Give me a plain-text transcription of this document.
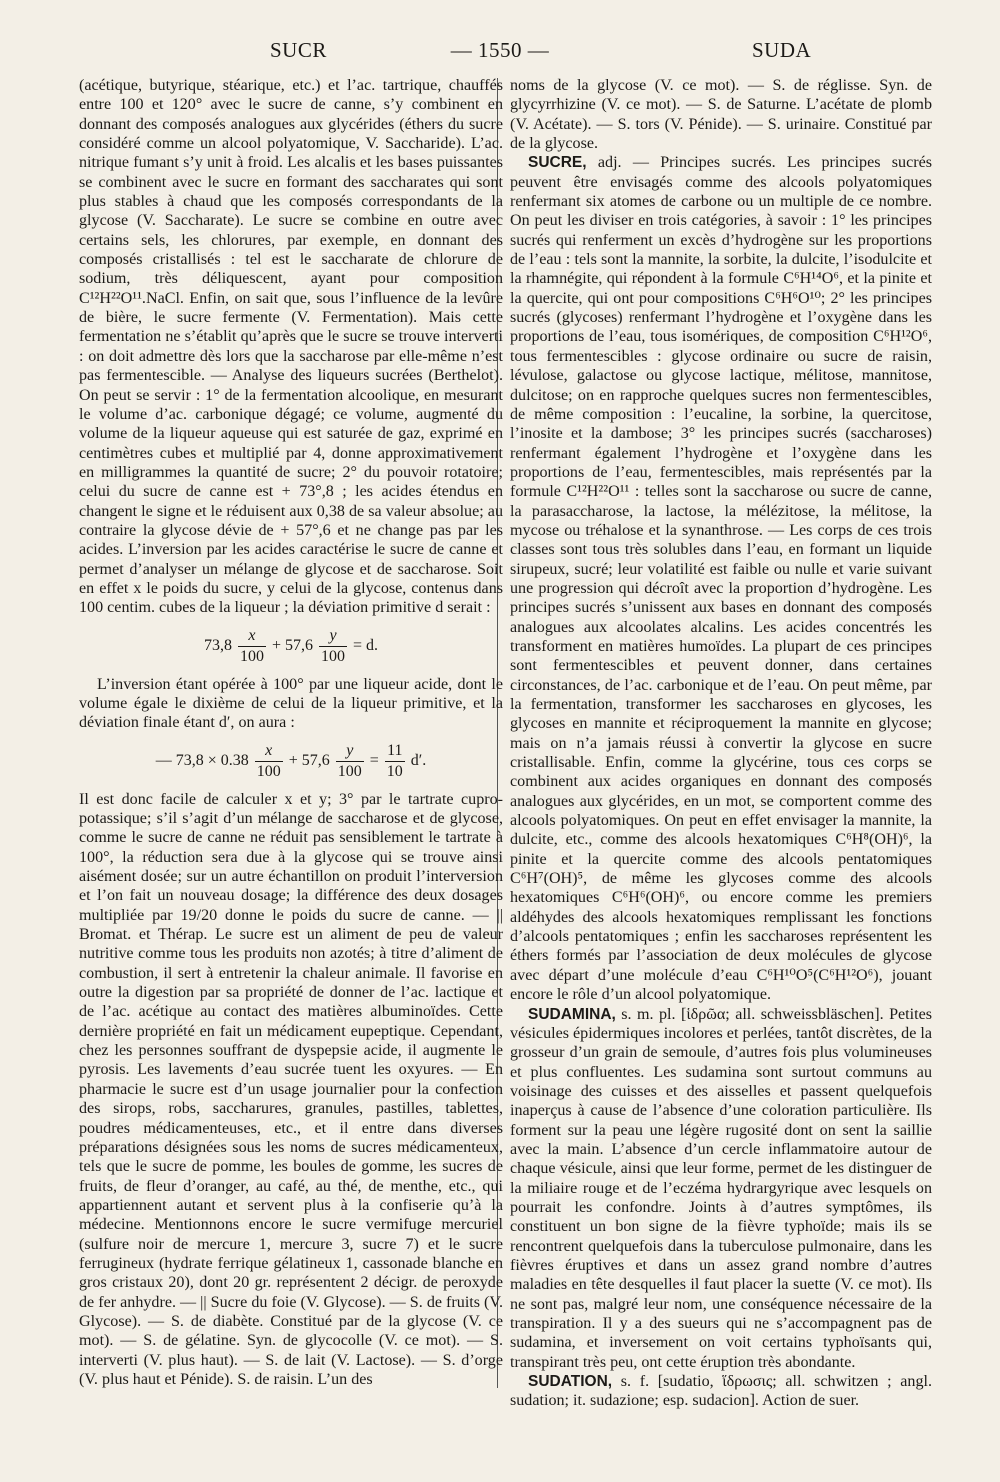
SUCR	— 1550 —	SUDA

(acétique, butyrique, stéarique, etc.) et l’ac. tartrique, chauffés entre 100 et 120° avec le sucre de canne, s’y combinent en donnant des composés analogues aux glycérides (éthers du sucre considéré comme un alcool polyatomique, V. Saccharide). L’ac. nitrique fumant s’y unit à froid. Les alcalis et les bases puissantes se combinent avec le sucre en formant des saccharates qui sont plus stables à chaud que les composés correspondants de la glycose (V. Saccharate). Le sucre se combine en outre avec certains sels, les chlorures, par exemple, en donnant des composés cristallisés : tel est le saccharate de chlorure de sodium, très déliquescent, ayant pour composition C¹²H²²O¹¹.NaCl. Enfin, on sait que, sous l’influence de la levûre de bière, le sucre fermente (V. Fermentation). Mais cette fermentation ne s’établit qu’après que le sucre se trouve interverti : on doit admettre dès lors que la saccharose par elle-même n’est pas fermentescible. — Analyse des liqueurs sucrées (Berthelot). On peut se servir : 1° de la fermentation alcoolique, en mesurant le volume d’ac. carbonique dégagé; ce volume, augmenté du volume de la liqueur aqueuse qui est saturée de gaz, exprimé en centimètres cubes et multiplié par 4, donne approximativement en milligrammes la quantité de sucre; 2° du pouvoir rotatoire; celui du sucre de canne est + 73°,8 ; les acides étendus en changent le signe et le réduisent aux 0,38 de sa valeur absolue; au contraire la glycose dévie de + 57°,6 et ne change pas par les acides. L’inversion par les acides caractérise le sucre de canne et permet d’analyser un mélange de glycose et de saccharose. Soit en effet x le poids du sucre, y celui de la glycose, contenus dans 100 centim. cubes de la liqueur ; la déviation primitive d serait :

$73,8 \frac{x}{100} + 57,6 \frac{y}{100} = d$.

L’inversion étant opérée à 100° par une liqueur acide, dont le volume égale le dixième de celui de la liqueur primitive, et la déviation finale étant d′, on aura :

— $73,8 \times 0.38 \frac{x}{100} + 57,6 \frac{y}{100} = \frac{11}{10} d'$.

Il est donc facile de calculer x et y; 3° par le tartrate cupro-potassique; s’il s’agit d’un mélange de saccharose et de glycose, comme le sucre de canne ne réduit pas sensiblement le tartrate à 100°, la réduction sera due à la glycose qui se trouve ainsi aisément dosée; sur un autre échantillon on produit l’interversion et l’on fait un nouveau dosage; la différence des deux dosages multipliée par 19/20 donne le poids du sucre de canne. — || Bromat. et Thérap. Le sucre est un aliment de peu de valeur nutritive comme tous les produits non azotés; à titre d’aliment de combustion, il sert à entretenir la chaleur animale. Il favorise en outre la digestion par sa propriété de donner de l’ac. lactique et de l’ac. acétique au contact des matières albuminoïdes. Cette dernière propriété en fait un médicament eupeptique. Cependant, chez les personnes souffrant de dyspepsie acide, il augmente le pyrosis. Les lavements d’eau sucrée tuent les oxyures. — En pharmacie le sucre est d’un usage journalier pour la confection des sirops, robs, saccharures, granules, pastilles, tablettes, poudres médicamenteuses, etc., et il entre dans diverses préparations désignées sous les noms de sucres médicamenteux, tels que le sucre de pomme, les boules de gomme, les sucres de fruits, de fleur d’oranger, au café, au thé, de menthe, etc., qui appartiennent autant et servent plus à la confiserie qu’à la médecine. Mentionnons encore le sucre vermifuge mercuriel (sulfure noir de mercure 1, mercure 3, sucre 7) et le sucre ferrugineux (hydrate ferrique gélatineux 1, cassonade blanche en gros cristaux 20), dont 20 gr. représentent 2 décigr. de peroxyde de fer anhydre. — || Sucre du foie (V. Glycose). — S. de fruits (V. Glycose). — S. de diabète. Constitué par de la glycose (V. ce mot). — S. de gélatine. Syn. de glycocolle (V. ce mot). — S. interverti (V. plus haut). — S. de lait (V. Lactose). — S. d’orge (V. plus haut et Pénide). S. de raisin. L’un des

noms de la glycose (V. ce mot). — S. de réglisse. Syn. de glycyrrhizine (V. ce mot). — S. de Saturne. L’acétate de plomb (V. Acétate). — S. tors (V. Pénide). — S. urinaire. Constitué par de la glycose.

SUCRE, adj. — Principes sucrés. Les principes sucrés peuvent être envisagés comme des alcools polyatomiques renfermant six atomes de carbone ou un multiple de ce nombre. On peut les diviser en trois catégories, à savoir : 1° les principes sucrés qui renferment un excès d’hydrogène sur les proportions de l’eau : tels sont la mannite, la sorbite, la dulcite, l’isodulcite et la rhamnégite, qui répondent à la formule C⁶H¹⁴O⁶, et la pinite et la quercite, qui ont pour compositions C⁶H⁶O¹⁰; 2° les principes sucrés (glycoses) renfermant l’hydrogène et l’oxygène dans les proportions de l’eau, tous isomériques, de composition C⁶H¹²O⁶, tous fermentescibles : glycose ordinaire ou sucre de raisin, lévulose, galactose ou glycose lactique, mélitose, mannitose, dulcitose; on en rapproche quelques sucres non fermentescibles, de même composition : l’eucaline, la sorbine, la quercitose, l’inosite et la dambose; 3° les principes sucrés (saccharoses) renfermant également l’hydrogène et l’oxygène dans les proportions de l’eau, fermentescibles, mais représentés par la formule C¹²H²²O¹¹ : telles sont la saccharose ou sucre de canne, la parasaccharose, la lactose, la mélézitose, la mélitose, la mycose ou tréhalose et la synanthrose. — Les corps de ces trois classes sont tous très solubles dans l’eau, en formant un liquide sirupeux, sucré; leur volatilité est faible ou nulle et varie suivant une progression qui décroît avec la proportion d’hydrogène. Les principes sucrés s’unissent aux bases en donnant des composés analogues aux alcoolates alcalins. Les acides concentrés les transforment en matières humoïdes. La plupart de ces principes sont fermentescibles et peuvent donner, dans certaines circonstances, de l’ac. carbonique et de l’eau. On peut même, par la fermentation, transformer les saccharoses en glycoses, les glycoses en mannite et réciproquement la mannite en glycose; mais on n’a jamais réussi à convertir la glycose en sucre cristallisable. Enfin, comme la glycérine, tous ces corps se combinent aux acides organiques en donnant des composés analogues aux glycérides, en un mot, se comportent comme des alcools polyatomiques. On peut en effet envisager la mannite, la dulcite, etc., comme des alcools hexatomiques C⁶H⁸(OH)⁶, la pinite et la quercite comme des alcools pentatomiques C⁶H⁷(OH)⁵, de même les glycoses comme des alcools hexatomiques C⁶H⁶(OH)⁶, ou encore comme les premiers aldéhydes des alcools hexatomiques remplissant les fonctions d’alcools pentatomiques ; enfin les saccharoses représentent les éthers formés par l’association de deux molécules de glycose avec départ d’une molécule d’eau C⁶H¹⁰O⁵(C⁶H¹²O⁶), jouant encore le rôle d’un alcool polyatomique.

SUDAMINA, s. m. pl. [ἱδρῶα; all. schweissbläschen]. Petites vésicules épidermiques incolores et perlées, tantôt discrètes, de la grosseur d’un grain de semoule, d’autres fois plus volumineuses et plus confluentes. Les sudamina sont surtout communs au voisinage des cuisses et des aisselles et passent quelquefois inaperçus à cause de l’absence d’une coloration particulière. Ils forment sur la peau une légère rugosité dont on sent la saillie avec la main. L’absence d’un cercle inflammatoire autour de chaque vésicule, ainsi que leur forme, permet de les distinguer de la miliaire rouge et de l’eczéma hydrargyrique avec lesquels on pourrait les confondre. Joints à d’autres symptômes, ils constituent un bon signe de la fièvre typhoïde; mais ils se rencontrent quelquefois dans la tuberculose pulmonaire, dans les fièvres éruptives et dans un assez grand nombre d’autres maladies en tête desquelles il faut placer la suette (V. ce mot). Ils ne sont pas, malgré leur nom, une conséquence nécessaire de la transpiration. Il y a des sueurs qui ne s’accompagnent pas de sudamina, et inversement on voit certains typhoïsants qui, transpirant très peu, ont cette éruption très abondante.

SUDATION, s. f. [sudatio, ἵδρωσις; all. schwitzen ; angl. sudation; it. sudazione; esp. sudacion]. Action de suer.
